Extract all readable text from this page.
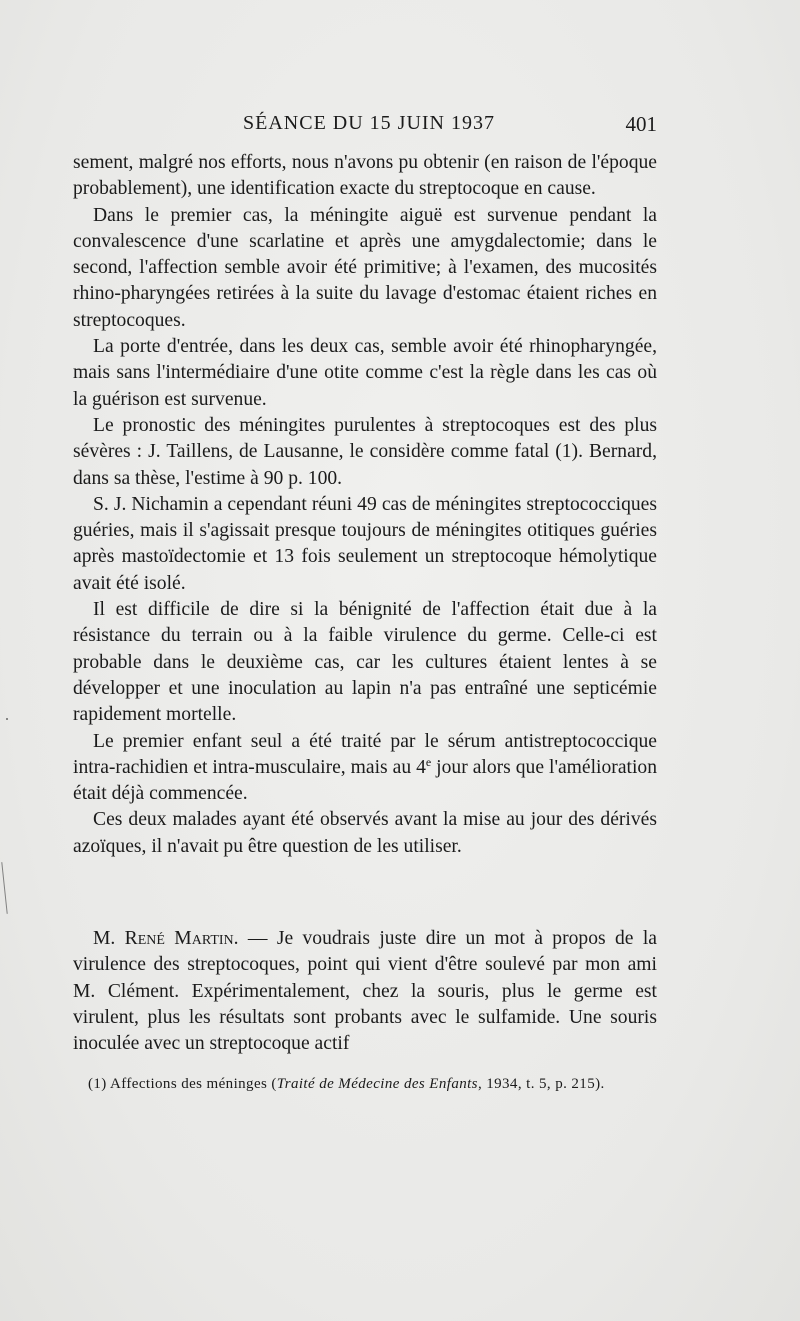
SÉANCE DU 15 JUIN 1937	401

sement, malgré nos efforts, nous n'avons pu obtenir (en raison de l'époque probablement), une identification exacte du streptocoque en cause.

Dans le premier cas, la méningite aiguë est survenue pendant la convalescence d'une scarlatine et après une amygdalectomie; dans le second, l'affection semble avoir été primitive; à l'examen, des mucosités rhino-pharyngées retirées à la suite du lavage d'estomac étaient riches en streptocoques.

La porte d'entrée, dans les deux cas, semble avoir été rhinopharyngée, mais sans l'intermédiaire d'une otite comme c'est la règle dans les cas où la guérison est survenue.

Le pronostic des méningites purulentes à streptocoques est des plus sévères : J. Taillens, de Lausanne, le considère comme fatal (1). Bernard, dans sa thèse, l'estime à 90 p. 100.

S. J. Nichamin a cependant réuni 49 cas de méningites streptococciques guéries, mais il s'agissait presque toujours de méningites otitiques guéries après mastoïdectomie et 13 fois seulement un streptocoque hémolytique avait été isolé.

Il est difficile de dire si la bénignité de l'affection était due à la résistance du terrain ou à la faible virulence du germe. Celle-ci est probable dans le deuxième cas, car les cultures étaient lentes à se développer et une inoculation au lapin n'a pas entraîné une septicémie rapidement mortelle.

Le premier enfant seul a été traité par le sérum antistreptococcique intra-rachidien et intra-musculaire, mais au 4e jour alors que l'amélioration était déjà commencée.

Ces deux malades ayant été observés avant la mise au jour des dérivés azoïques, il n'avait pu être question de les utiliser.

M. René Martin. — Je voudrais juste dire un mot à propos de la virulence des streptocoques, point qui vient d'être soulevé par mon ami M. Clément. Expérimentalement, chez la souris, plus le germe est virulent, plus les résultats sont probants avec le sulfamide. Une souris inoculée avec un streptocoque actif

(1) Affections des méninges (Traité de Médecine des Enfants, 1934, t. 5, p. 215).
